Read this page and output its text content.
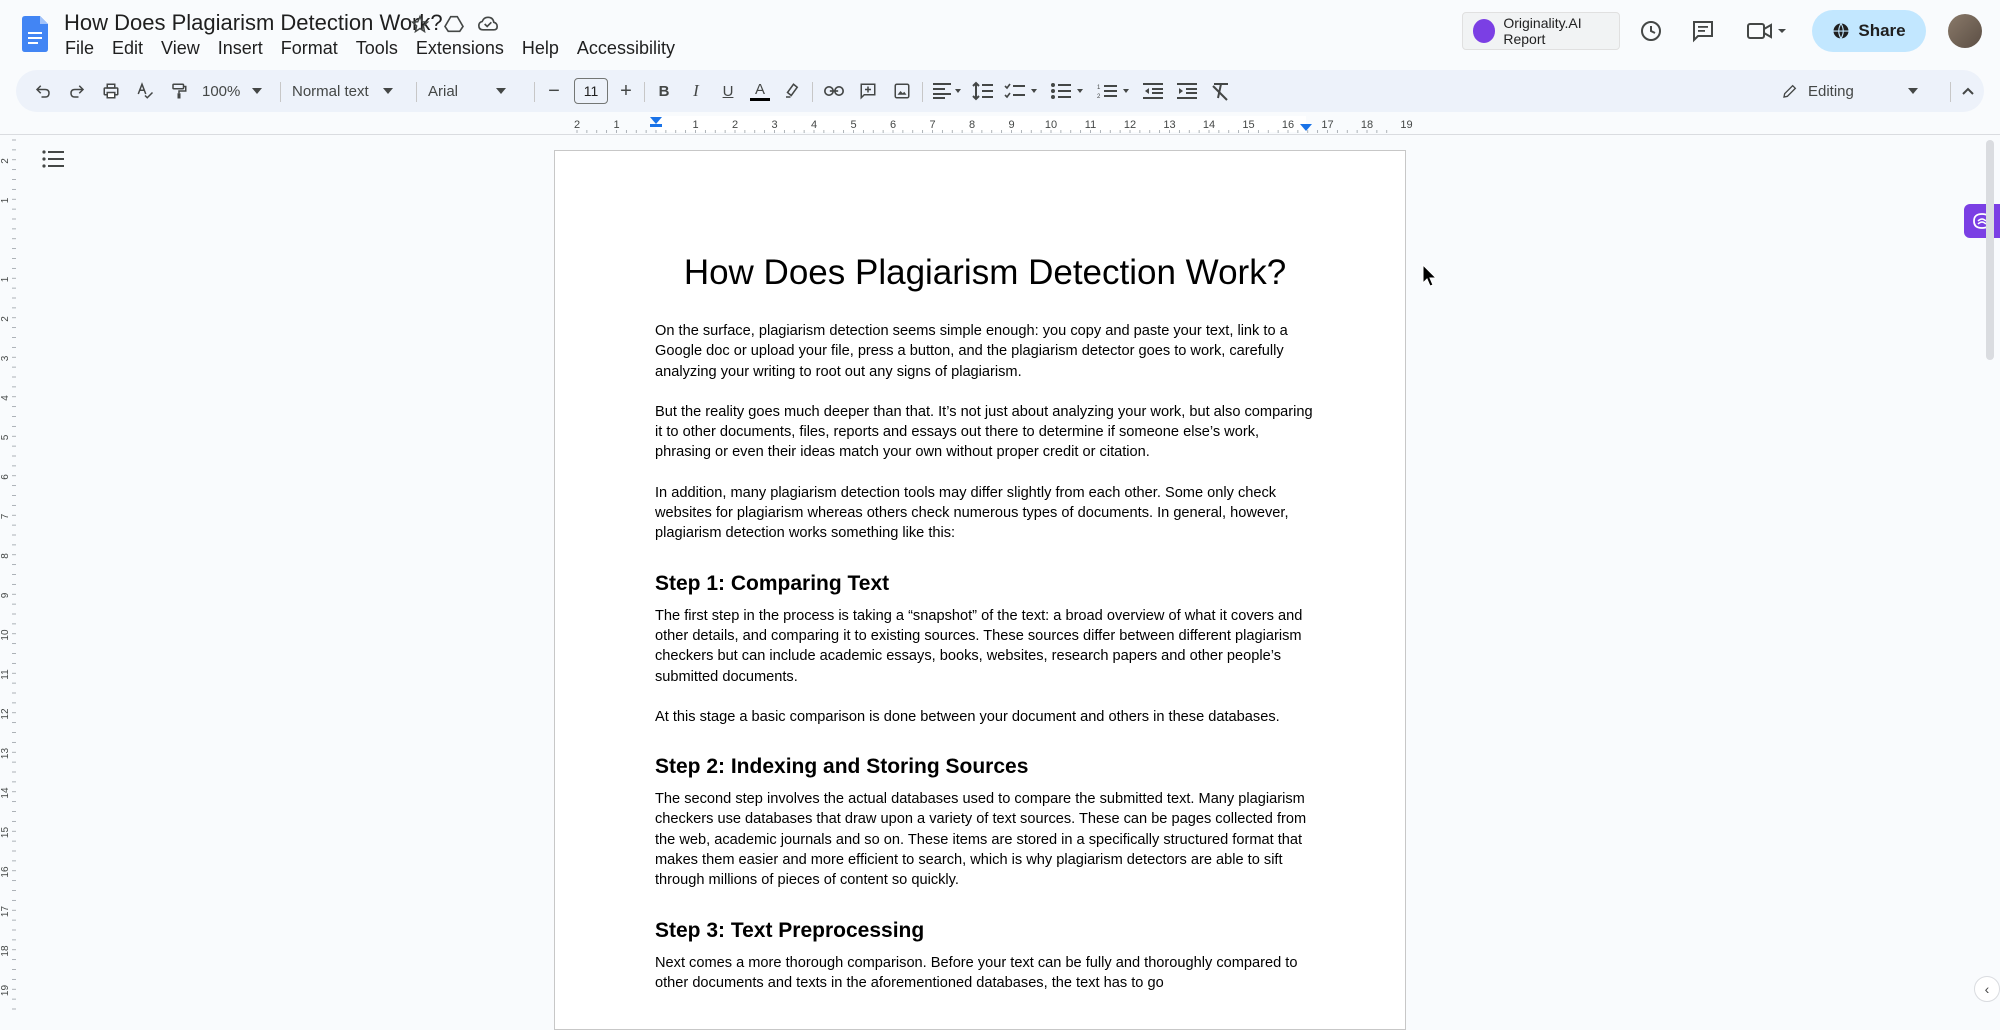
How Does Plagiarism Detection Work?
File	Edit	View	Insert	Format	Tools	Extensions	Help	Accessibility
Originality.AI Report	Share
100%	Normal text	Arial	−	11	+	B	I	U	A	1
2	Editing
2	1	1	2	3	4	5	6	7	8	9	10	11	12 13 14 15 16 17 18 19
2
1
1
2
3
4
5
6
7
8
9
10
11
12
13
14
15
16
17
18
19
How Does Plagiarism Detection Work?

On the surface, plagiarism detection seems simple enough: you copy and paste your text, link to a Google doc or upload your file, press a button, and the plagiarism detector goes to work, carefully analyzing your writing to root out any signs of plagiarism.

But the reality goes much deeper than that. It’s not just about analyzing your work, but also comparing it to other documents, files, reports and essays out there to determine if someone else’s work, phrasing or even their ideas match your own without proper credit or citation.

In addition, many plagiarism detection tools may differ slightly from each other. Some only check websites for plagiarism whereas others check numerous types of documents. In general, however, plagiarism detection works something like this:

Step 1: Comparing Text

The first step in the process is taking a “snapshot” of the text: a broad overview of what it covers and other details, and comparing it to existing sources. These sources differ between different plagiarism checkers but can include academic essays, books, websites, research papers and other people’s submitted documents.

At this stage a basic comparison is done between your document and others in these databases.

Step 2: Indexing and Storing Sources

The second step involves the actual databases used to compare the submitted text. Many plagiarism checkers use databases that draw upon a variety of text sources. These can be pages collected from the web, academic journals and so on. These items are stored in a specifically structured format that makes them easier and more efficient to search, which is why plagiarism detectors are able to sift through millions of pieces of content so quickly.

Step 3: Text Preprocessing

Next comes a more thorough comparison. Before your text can be fully and thoroughly compared to other documents and texts in the aforementioned databases, the text has to go	‹
